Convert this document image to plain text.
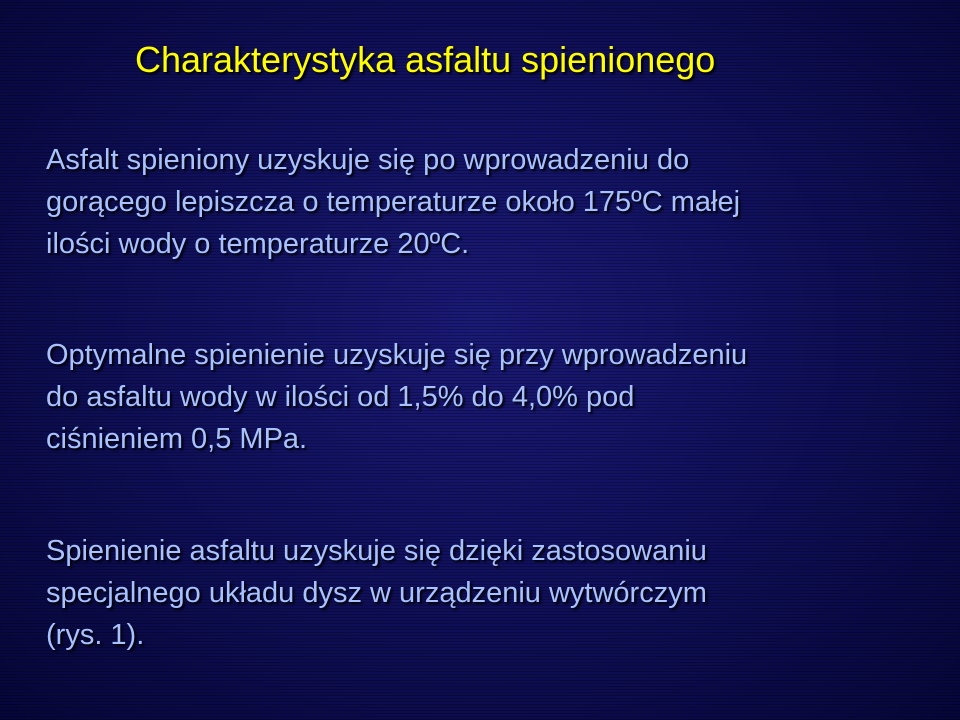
Charakterystyka asfaltu spienionego

Asfalt spieniony uzyskuje się po wprowadzeniu do
gorącego lepiszcza o temperaturze około 175ºC małej
ilości wody o temperaturze 20ºC.

Optymalne spienienie uzyskuje się przy wprowadzeniu
do asfaltu wody w ilości od 1,5% do 4,0% pod
ciśnieniem 0,5 MPa.

Spienienie asfaltu uzyskuje się dzięki zastosowaniu
specjalnego układu dysz w urządzeniu wytwórczym
(rys. 1).
